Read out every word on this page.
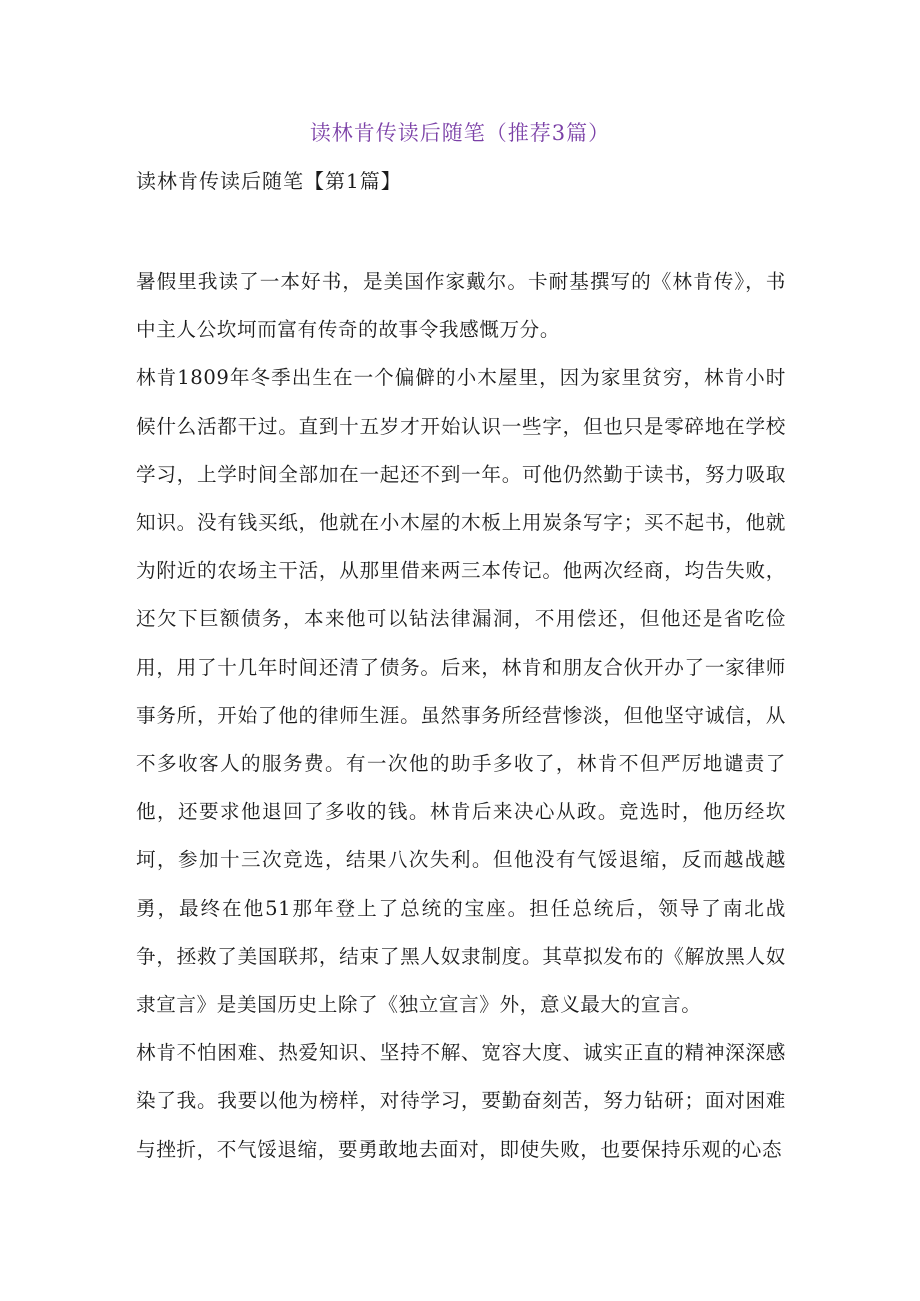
读林肯传读后随笔（推荐3篇）
读林肯传读后随笔【第1篇】

暑假里我读了一本好书，是美国作家戴尔。卡耐基撰写的《林肯传》，书中主人公坎坷而富有传奇的故事令我感慨万分。

林肯1809年冬季出生在一个偏僻的小木屋里，因为家里贫穷，林肯小时候什么活都干过。直到十五岁才开始认识一些字，但也只是零碎地在学校学习，上学时间全部加在一起还不到一年。可他仍然勤于读书，努力吸取知识。没有钱买纸，他就在小木屋的木板上用炭条写字；买不起书，他就为附近的农场主干活，从那里借来两三本传记。他两次经商，均告失败，还欠下巨额债务，本来他可以钻法律漏洞，不用偿还，但他还是省吃俭用，用了十几年时间还清了债务。后来，林肯和朋友合伙开办了一家律师事务所，开始了他的律师生涯。虽然事务所经营惨淡，但他坚守诚信，从不多收客人的服务费。有一次他的助手多收了，林肯不但严厉地谴责了他，还要求他退回了多收的钱。林肯后来决心从政。竞选时，他历经坎坷，参加十三次竞选，结果八次失利。但他没有气馁退缩，反而越战越勇，最终在他51那年登上了总统的宝座。担任总统后，领导了南北战争，拯救了美国联邦，结束了黑人奴隶制度。其草拟发布的《解放黑人奴隶宣言》是美国历史上除了《独立宣言》外，意义最大的宣言。

林肯不怕困难、热爱知识、坚持不解、宽容大度、诚实正直的精神深深感染了我。我要以他为榜样，对待学习，要勤奋刻苦，努力钻研；面对困难与挫折，不气馁退缩，要勇敢地去面对，即使失败，也要保持乐观的心态
